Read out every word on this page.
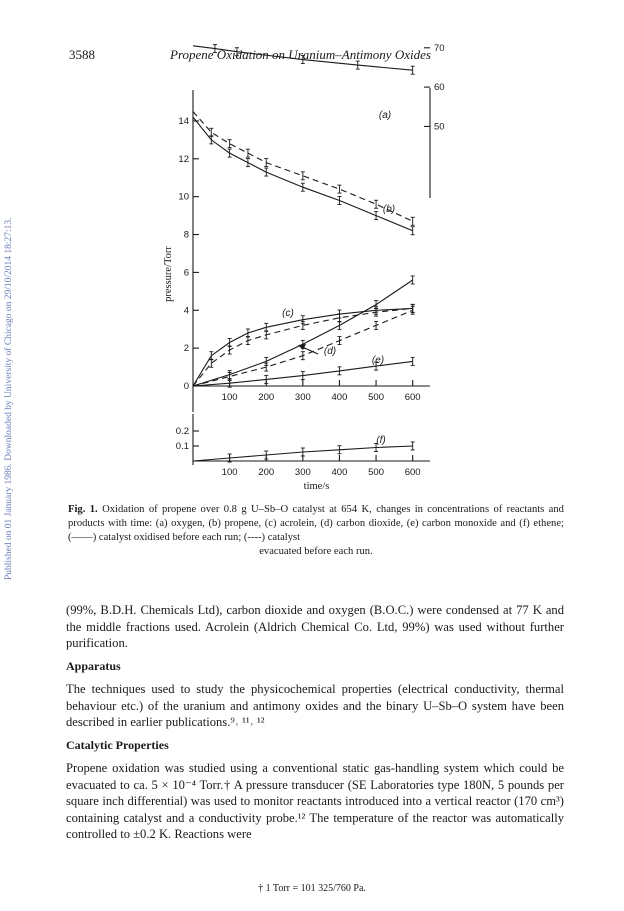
Published on 01 January 1986. Downloaded by University of Chicago on 29/10/2014 18:27:13.
3588	Propene Oxidation on Uranium–Antimony Oxides
0
2
4
6
8
10
12
14	50
60
70
0.1
0.2
100
100
200
200
300
300
400
400
500
500
600
600
pressure/Torr
time/s
(a)
(b)
(c)
(d)
(e)
(f)
Fig. 1. Oxidation of propene over 0.8 g U–Sb–O catalyst at 654 K, changes in concentrations of reactants and products with time: (a) oxygen, (b) propene, (c) acrolein, (d) carbon dioxide, (e) carbon monoxide and (f) ethene; (——) catalyst oxidised before each run; (----) catalyst
evacuated before each run.
(99%, B.D.H. Chemicals Ltd), carbon dioxide and oxygen (B.O.C.) were condensed at 77 K and the middle fractions used. Acrolein (Aldrich Chemical Co. Ltd, 99%) was used without further purification.
Apparatus
The techniques used to study the physicochemical properties (electrical conductivity, thermal behaviour etc.) of the uranium and antimony oxides and the binary U–Sb–O system have been described in earlier publications.⁹˒ ¹¹˒ ¹²
Catalytic Properties
Propene oxidation was studied using a conventional static gas-handling system which could be evacuated to ca. 5 × 10⁻⁴ Torr.† A pressure transducer (SE Laboratories type 180N, 5 pounds per square inch differential) was used to monitor reactants introduced into a vertical reactor (170 cm³) containing catalyst and a conductivity probe.¹² The temperature of the reactor was automatically controlled to ±0.2 K. Reactions were
† 1 Torr = 101 325/760 Pa.
